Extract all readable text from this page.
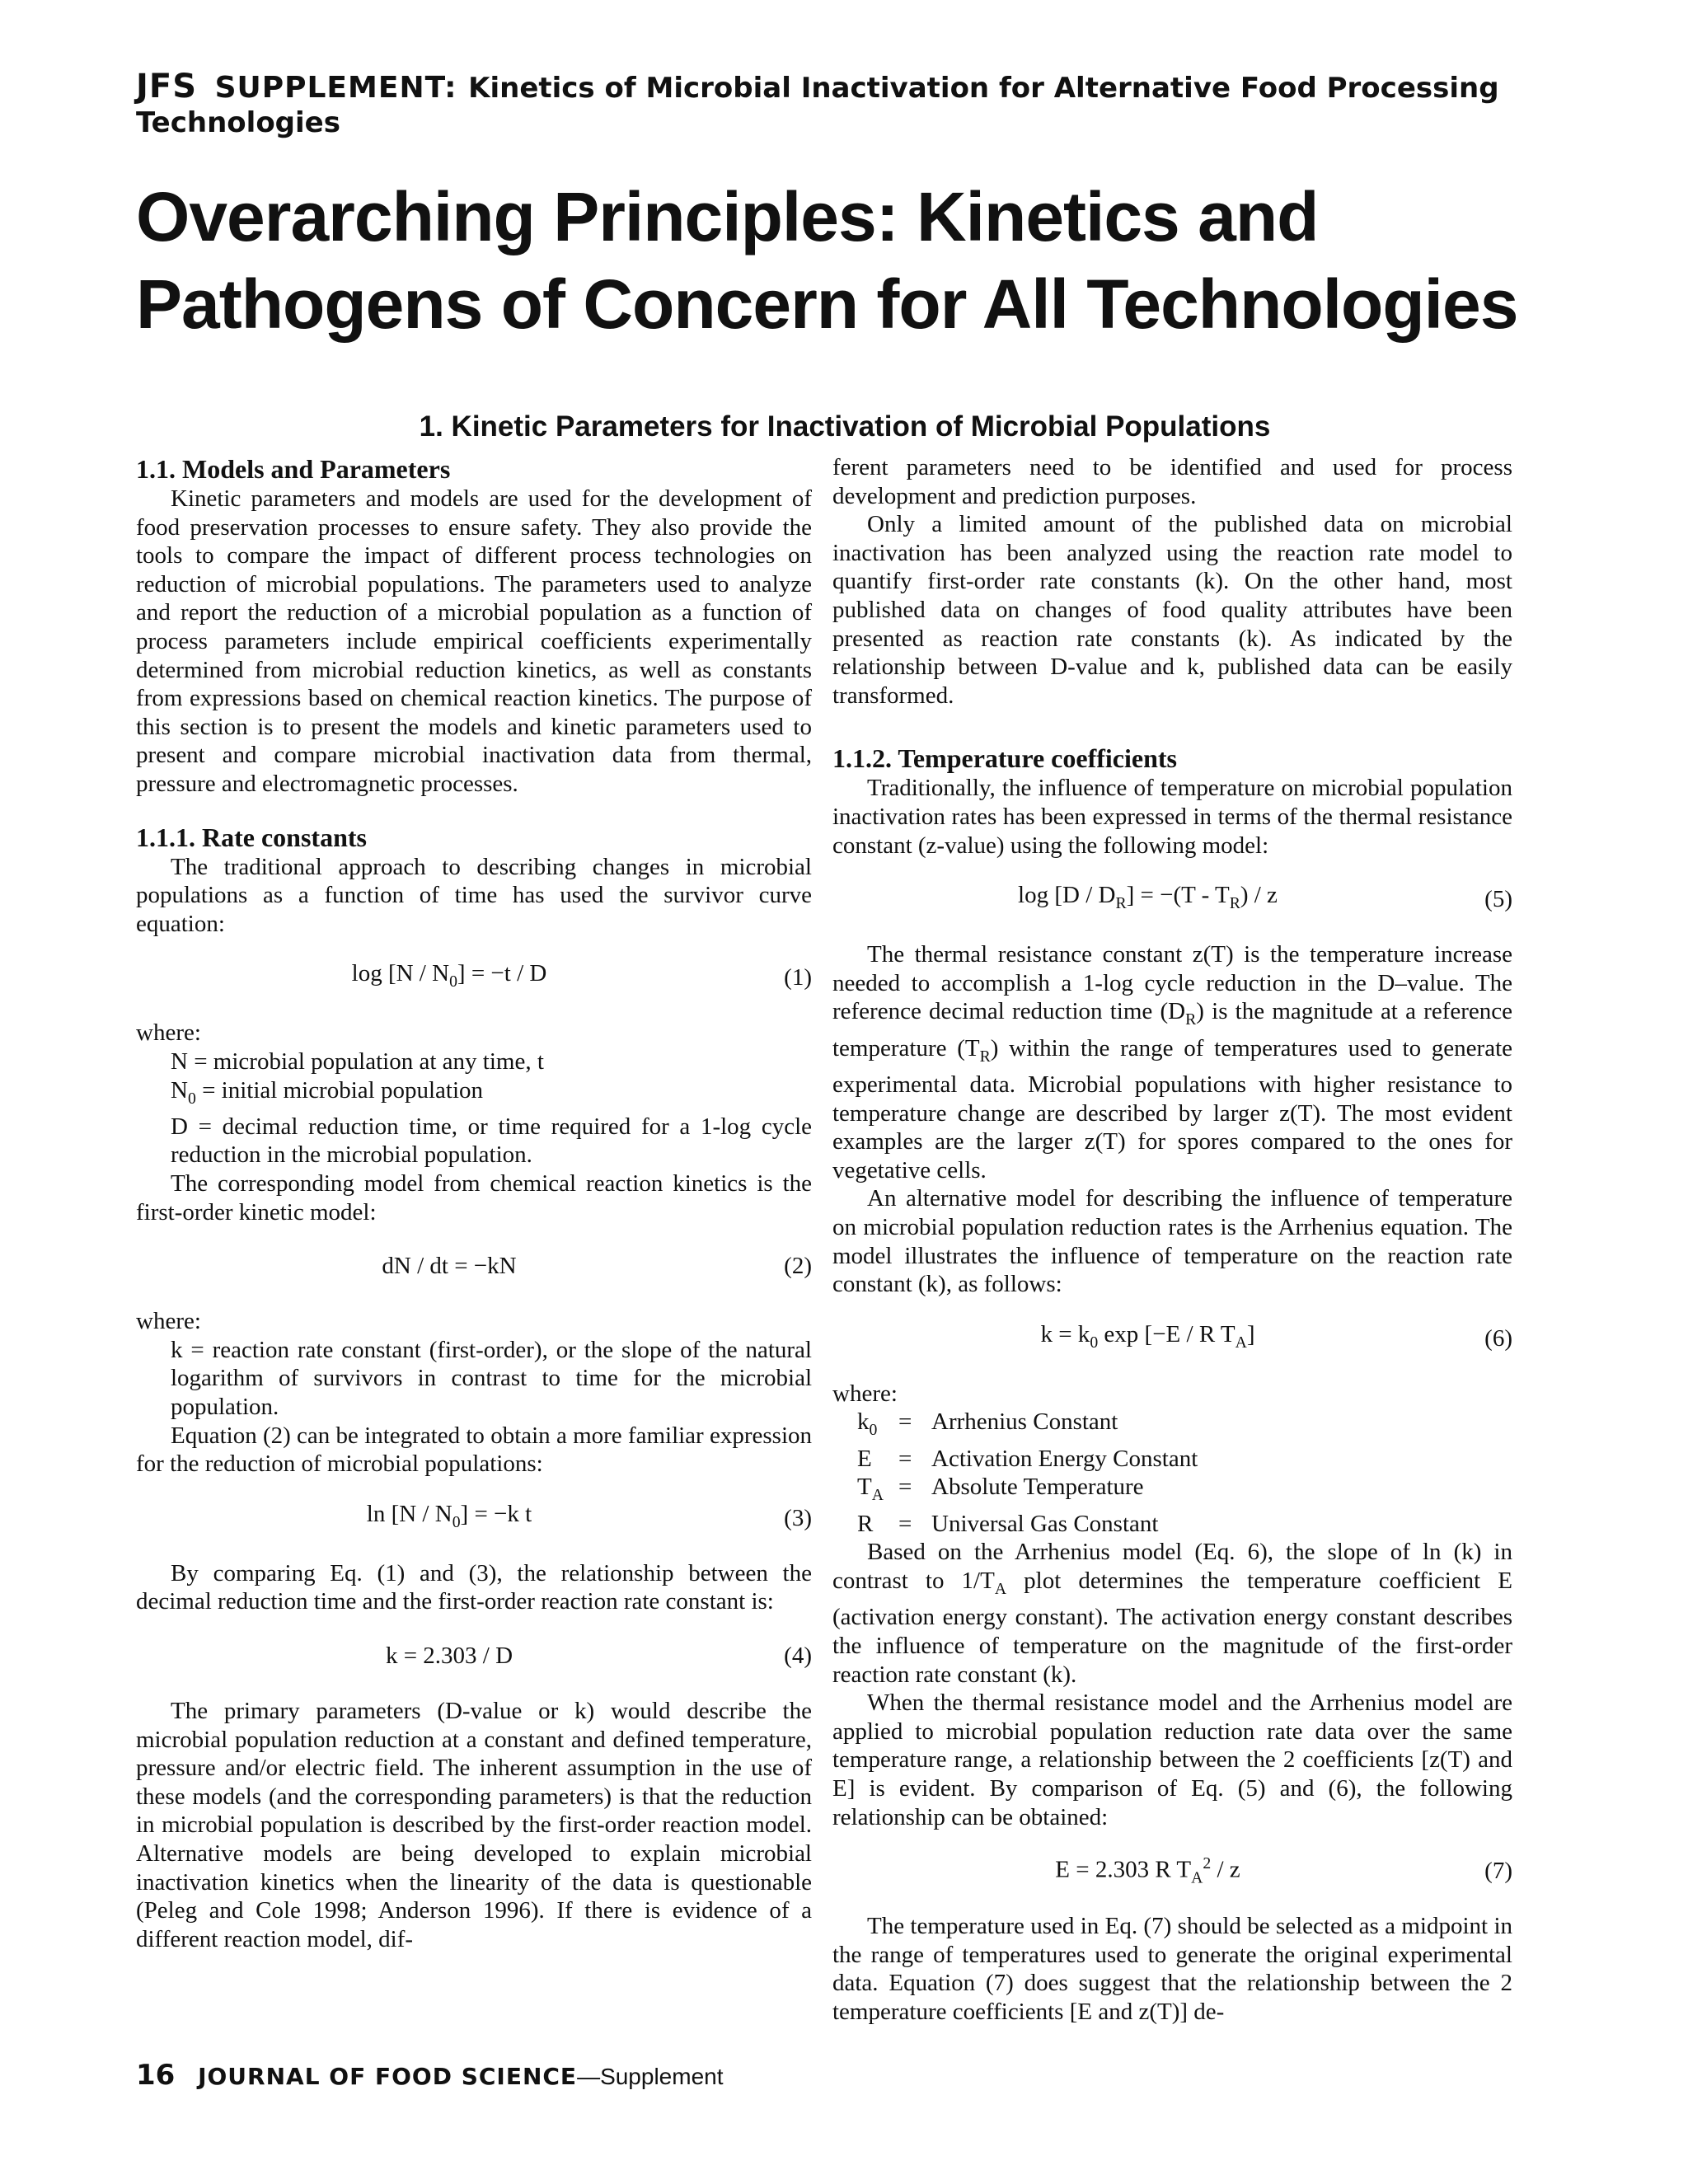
JFS SUPPLEMENT: Kinetics of Microbial Inactivation for Alternative Food Processing Technologies
Overarching Principles: Kinetics and Pathogens of Concern for All Technologies
1. Kinetic Parameters for Inactivation of Microbial Populations
1.1. Models and Parameters

Kinetic parameters and models are used for the development of food preservation processes to ensure safety. They also provide the tools to compare the impact of different process technologies on reduction of microbial populations. The parameters used to analyze and report the reduction of a microbial population as a function of process parameters include empirical coefficients experimentally determined from microbial reduction kinetics, as well as constants from expressions based on chemical reaction kinetics. The purpose of this section is to present the models and kinetic parameters used to present and compare microbial inactivation data from thermal, pressure and electromagnetic processes.

1.1.1. Rate constants

The traditional approach to describing changes in microbial populations as a function of time has used the survivor curve equation:

$\log [N / N_0] = -t / D$	(1)

where:

N = microbial population at any time, t

$N_0$ = initial microbial population

D = decimal reduction time, or time required for a 1-log cycle reduction in the microbial population.

The corresponding model from chemical reaction kinetics is the first-order kinetic model:

dN / dt = −kN	(2)

where:

k = reaction rate constant (first-order), or the slope of the natural logarithm of survivors in contrast to time for the microbial population.

Equation (2) can be integrated to obtain a more familiar expression for the reduction of microbial populations:

$\ln [N / N_0] = -k$ t	(3)

By comparing Eq. (1) and (3), the relationship between the decimal reduction time and the first-order reaction rate constant is:

k = 2.303 / D	(4)

The primary parameters (D-value or k) would describe the microbial population reduction at a constant and defined temperature, pressure and/or electric field. The inherent assumption in the use of these models (and the corresponding parameters) is that the reduction in microbial population is described by the first-order reaction model. Alternative models are being developed to explain microbial inactivation kinetics when the linearity of the data is questionable (Peleg and Cole 1998; Anderson 1996). If there is evidence of a different reaction model, dif-

ferent parameters need to be identified and used for process development and prediction purposes.

Only a limited amount of the published data on microbial inactivation has been analyzed using the reaction rate model to quantify first-order rate constants (k). On the other hand, most published data on changes of food quality attributes have been presented as reaction rate constants (k). As indicated by the relationship between D-value and k, published data can be easily transformed.

1.1.2. Temperature coefficients

Traditionally, the influence of temperature on microbial population inactivation rates has been expressed in terms of the thermal resistance constant (z-value) using the following model:

$\log [D / D_R] = -(T - T_R) / z$	(5)

The thermal resistance constant z(T) is the temperature increase needed to accomplish a 1-log cycle reduction in the D–value. The reference decimal reduction time $(D_R)$ is the magnitude at a reference temperature $(T_R)$ within the range of temperatures used to generate experimental data. Microbial populations with higher resistance to temperature change are described by larger z(T). The most evident examples are the larger z(T) for spores compared to the ones for vegetative cells.

An alternative model for describing the influence of temperature on microbial population reduction rates is the Arrhenius equation. The model illustrates the influence of temperature on the reaction rate constant (k), as follows:

$k = k_0$ exp [−E / R $T_A$]	(6)

where:

$k_0$ = Arrhenius Constant
E	= Activation Energy Constant
$T_A$ = Absolute Temperature
R	= Universal Gas Constant

Based on the Arrhenius model (Eq. 6), the slope of ln (k) in contrast to $1/T_A$ plot determines the temperature coefficient E (activation energy constant). The activation energy constant describes the influence of temperature on the magnitude of the first-order reaction rate constant (k).

When the thermal resistance model and the Arrhenius model are applied to microbial population reduction rate data over the same temperature range, a relationship between the 2 coefficients [z(T) and E] is evident. By comparison of Eq. (5) and (6), the following relationship can be obtained:

E = 2.303 R $T_A^2$ / z	(7)

The temperature used in Eq. (7) should be selected as a midpoint in the range of temperatures used to generate the original experimental data. Equation (7) does suggest that the relationship between the 2 temperature coefficients [E and z(T)] de-

16 JOURNAL OF FOOD SCIENCE—Supplement
